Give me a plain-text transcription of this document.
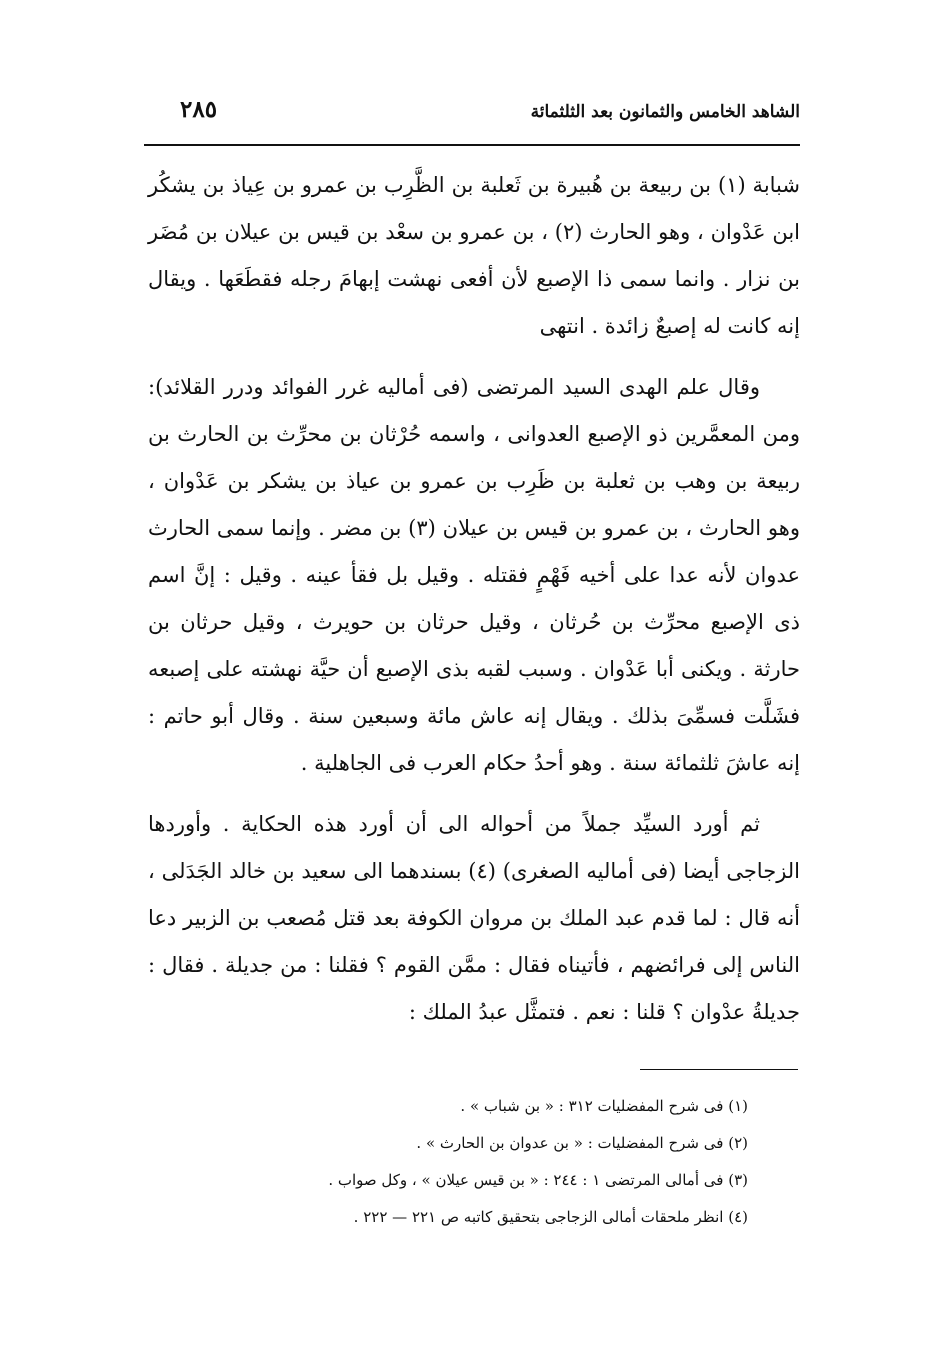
الشاهد الخامس والثمانون بعد الثلثمائة
٢٨٥

شبابة (١) بن ربيعة بن هُبيرة بن ثَعلبة بن الظَّرِب بن عمرو بن عِياذ بن يشكُر ابن عَدْوان ، وهو الحارث (٢) ، بن عمرو بن سعْد بن قيس بن عيلان بن مُضَر بن نزار . وانما سمى ذا الإصبع لأن أفعى نهشت إبهامَ رجله فقطَعَها . ويقال إنه كانت له إصبعٌ زائدة . انتهى

وقال علم الهدى السيد المرتضى (فى أماليه غرر الفوائد ودرر القلائد): ومن المعمَّرين ذو الإصبع العدوانى ، واسمه حُرْثان بن محرِّث بن الحارث بن ربيعة بن وهب بن ثعلبة بن ظَرِب بن عمرو بن عياذ بن يشكر بن عَدْوان ، وهو الحارث ، بن عمرو بن قيس بن عيلان (٣) بن مضر . وإنما سمى الحارث عدوان لأنه عدا على أخيه فَهْمٍ فقتله . وقيل بل فقأ عينه . وقيل : إنَّ اسم ذى الإصبع محرِّث بن حُرثان ، وقيل حرثان بن حويرث ، وقيل حرثان بن حارثة . ويكنى أبا عَدْوان . وسبب لقبه بذى الإصبع أن حيَّة نهشته على إصبعه فشَلَّت فسمِّىَ بذلك . ويقال إنه عاش مائة وسبعين سنة . وقال أبو حاتم : إنه عاشَ ثلثمائة سنة . وهو أحدُ حكام العرب فى الجاهلية .

ثم أورد السيِّد جملاً من أحواله الى أن أورد هذه الحكاية . وأوردها الزجاجى أيضا (فى أماليه الصغرى) (٤) بسندهما الى سعيد بن خالد الجَدَلى ، أنه قال : لما قدم عبد الملك بن مروان الكوفة بعد قتل مُصعب بن الزبير دعا الناس إلى فرائضهم ، فأتيناه فقال : ممَّن القوم ؟ فقلنا : من جديلة . فقال : جديلةُ عدْوان ؟ قلنا : نعم . فتمثَّل عبدُ الملك :

(١) فى شرح المفضليات ٣١٢ : « بن شباب » .
(٢) فى شرح المفضليات : « بن عدوان بن الحارث » .
(٣) فى أمالى المرتضى ١ : ٢٤٤ : « بن قيس عيلان » ، وكل صواب .
(٤) انظر ملحقات أمالى الزجاجى بتحقيق كاتبه ص ٢٢١ — ٢٢٢ .
